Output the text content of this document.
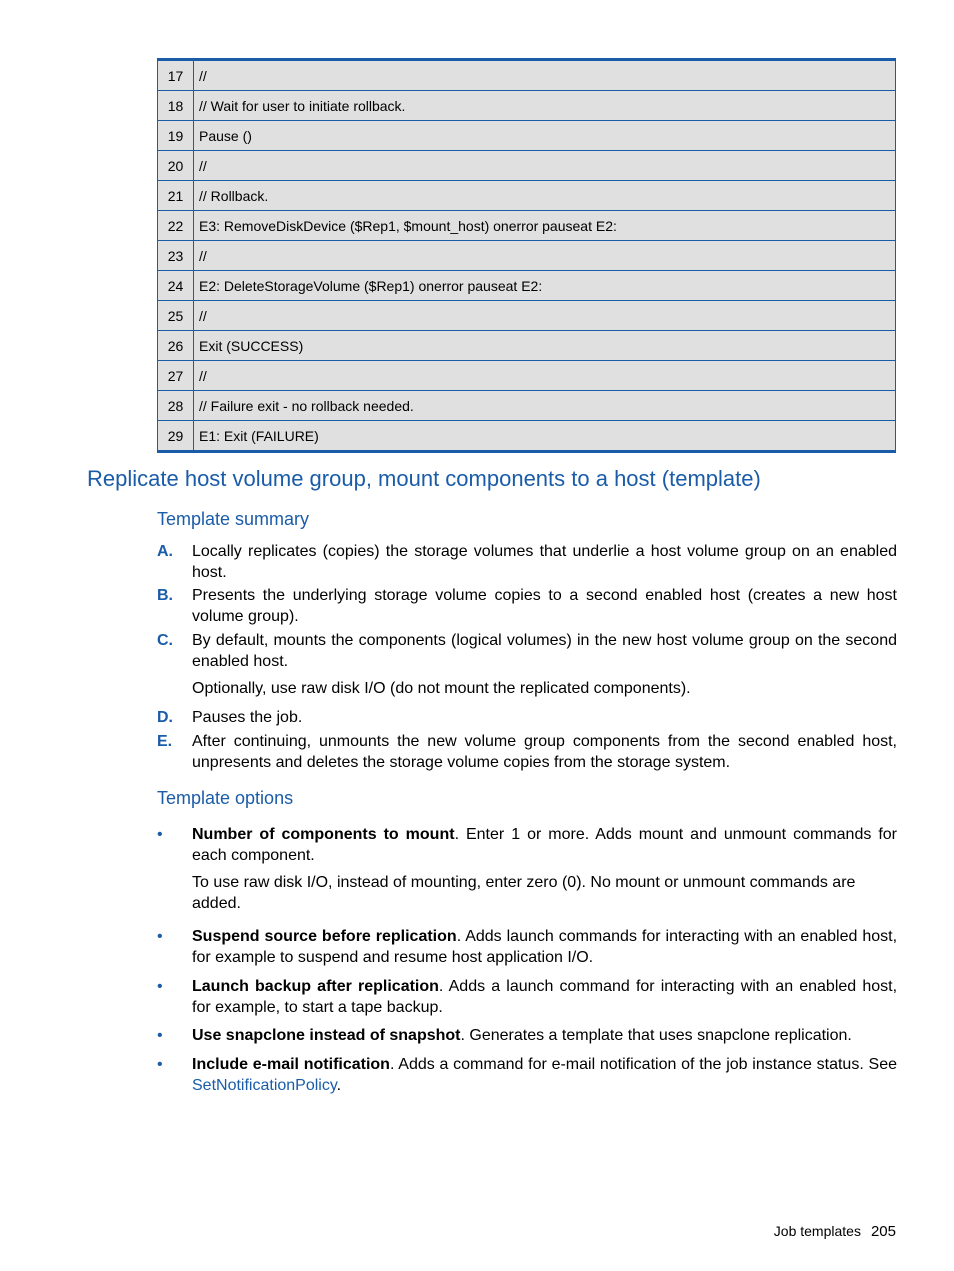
17	//
18	// Wait for user to initiate rollback.
19	Pause ()
20	//
21	// Rollback.
22	E3: RemoveDiskDevice ($Rep1, $mount_host) onerror pauseat E2:
23	//
24	E2: DeleteStorageVolume ($Rep1) onerror pauseat E2:
25	//
26	Exit (SUCCESS)
27	//
28	// Failure exit - no rollback needed.
29	E1: Exit (FAILURE)
Replicate host volume group, mount components to a host (template)
Template summary
A.	Locally replicates (copies) the storage volumes that underlie a host volume group on an enabled host.
B.	Presents the underlying storage volume copies to a second enabled host (creates a new host volume group).
C.	By default, mounts the components (logical volumes) in the new host volume group on the second enabled host.
Optionally, use raw disk I/O (do not mount the replicated components).
D.	Pauses the job.
E.	After continuing, unmounts the new volume group components from the second enabled host, unpresents and deletes the storage volume copies from the storage system.
Template options
•	Number of components to mount. Enter 1 or more. Adds mount and unmount commands for each component.
To use raw disk I/O, instead of mounting, enter zero (0). No mount or unmount commands are added.
•	Suspend source before replication. Adds launch commands for interacting with an enabled host, for example to suspend and resume host application I/O.
•	Launch backup after replication. Adds a launch command for interacting with an enabled host, for example, to start a tape backup.
•	Use snapclone instead of snapshot. Generates a template that uses snapclone replication.
•	Include e-mail notification. Adds a command for e-mail notification of the job instance status. See SetNotificationPolicy.
Job templates 205
